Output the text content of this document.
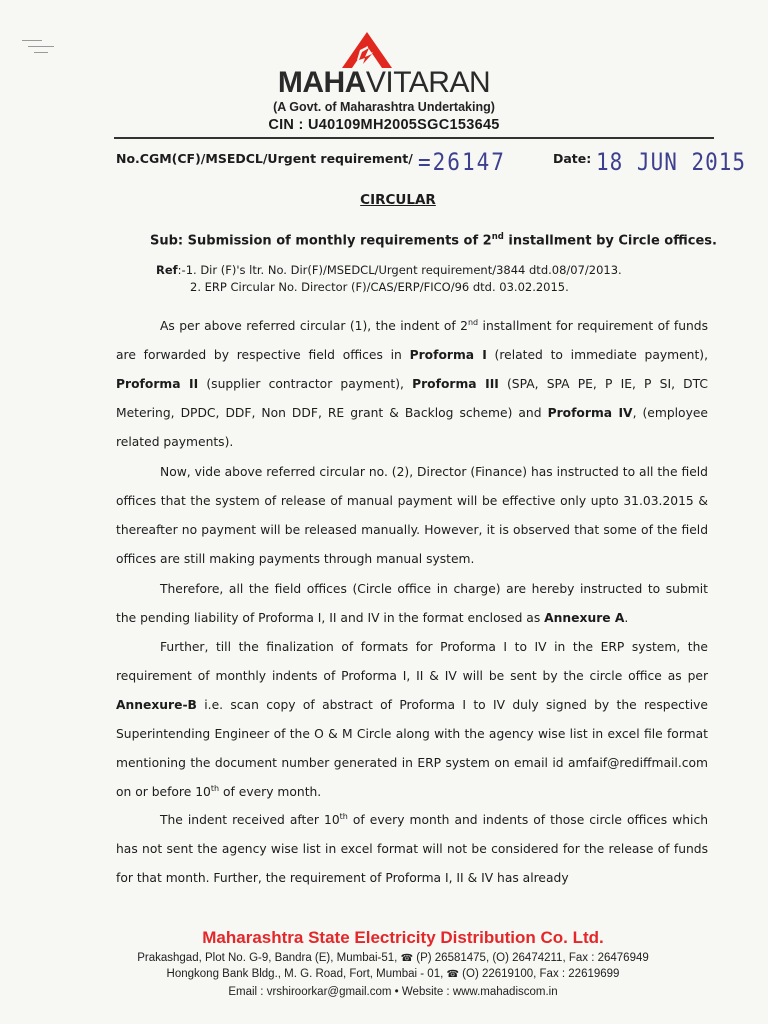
MAHAVITARAN
(A Govt. of Maharashtra Undertaking)
CIN : U40109MH2005SGC153645
No.CGM(CF)/MSEDCL/Urgent requirement/ =26147	Date: 18 JUN 2015
CIRCULAR
Sub: Submission of monthly requirements of 2nd installment by Circle offices.
Ref:-1. Dir (F)'s ltr. No. Dir(F)/MSEDCL/Urgent requirement/3844 dtd.08/07/2013.
2. ERP Circular No. Director (F)/CAS/ERP/FICO/96 dtd. 03.02.2015.
As per above referred circular (1), the indent of 2nd installment for requirement of funds are forwarded by respective field offices in Proforma I (related to immediate payment), Proforma II (supplier contractor payment), Proforma III (SPA, SPA PE, P IE, P SI, DTC Metering, DPDC, DDF, Non DDF, RE grant & Backlog scheme) and Proforma IV, (employee related payments).
Now, vide above referred circular no. (2), Director (Finance) has instructed to all the field offices that the system of release of manual payment will be effective only upto 31.03.2015 & thereafter no payment will be released manually. However, it is observed that some of the field offices are still making payments through manual system.
Therefore, all the field offices (Circle office in charge) are hereby instructed to submit the pending liability of Proforma I, II and IV in the format enclosed as Annexure A.
Further, till the finalization of formats for Proforma I to IV in the ERP system, the requirement of monthly indents of Proforma I, II & IV will be sent by the circle office as per Annexure-B i.e. scan copy of abstract of Proforma I to IV duly signed by the respective Superintending Engineer of the O & M Circle along with the agency wise list in excel file format mentioning the document number generated in ERP system on email id amfaif@rediffmail.com on or before 10th of every month.
The indent received after 10th of every month and indents of those circle offices which has not sent the agency wise list in excel format will not be considered for the release of funds for that month. Further, the requirement of Proforma I, II & IV has already
Maharashtra State Electricity Distribution Co. Ltd.
Prakashgad, Plot No. G-9, Bandra (E), Mumbai-51, ☎ (P) 26581475, (O) 26474211, Fax : 26476949
Hongkong Bank Bldg., M. G. Road, Fort, Mumbai - 01, ☎ (O) 22619100, Fax : 22619699
Email : vrshiroorkar@gmail.com • Website : www.mahadiscom.in
